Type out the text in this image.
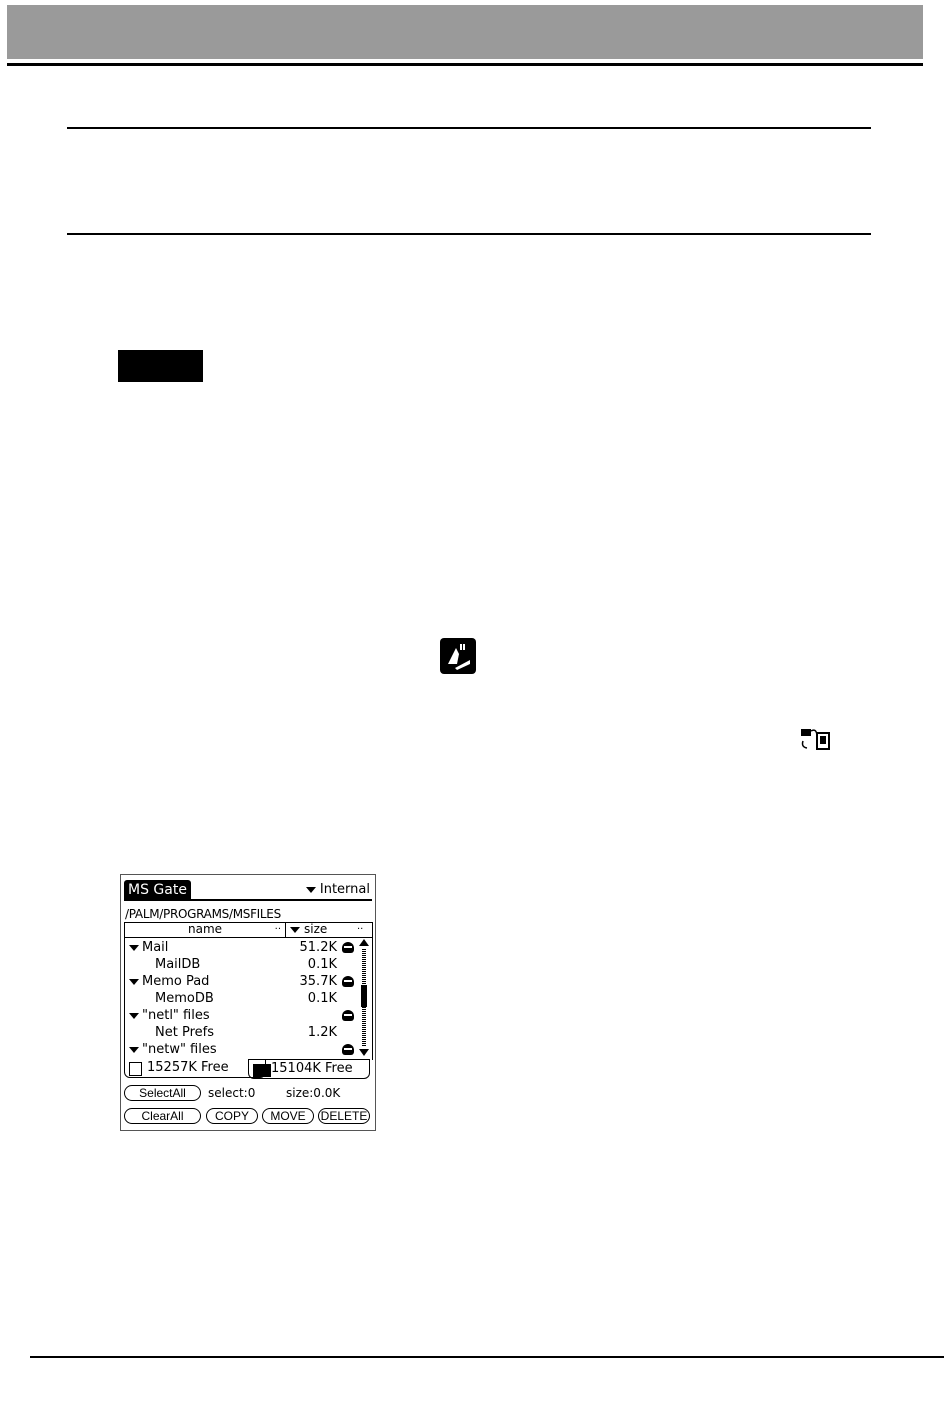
MS Gate	Internal
/PALM/PROGRAMS/MSFILES
name	..	size	..
Mail	51.2K
MailDB	0.1K
Memo Pad	35.7K
MemoDB	0.1K
"netl" files
Net Prefs	1.2K
"netw" files
15257K Free	15104K Free
SelectAll	select:0	size:0.0K
ClearAll	COPY	MOVE	DELETE
